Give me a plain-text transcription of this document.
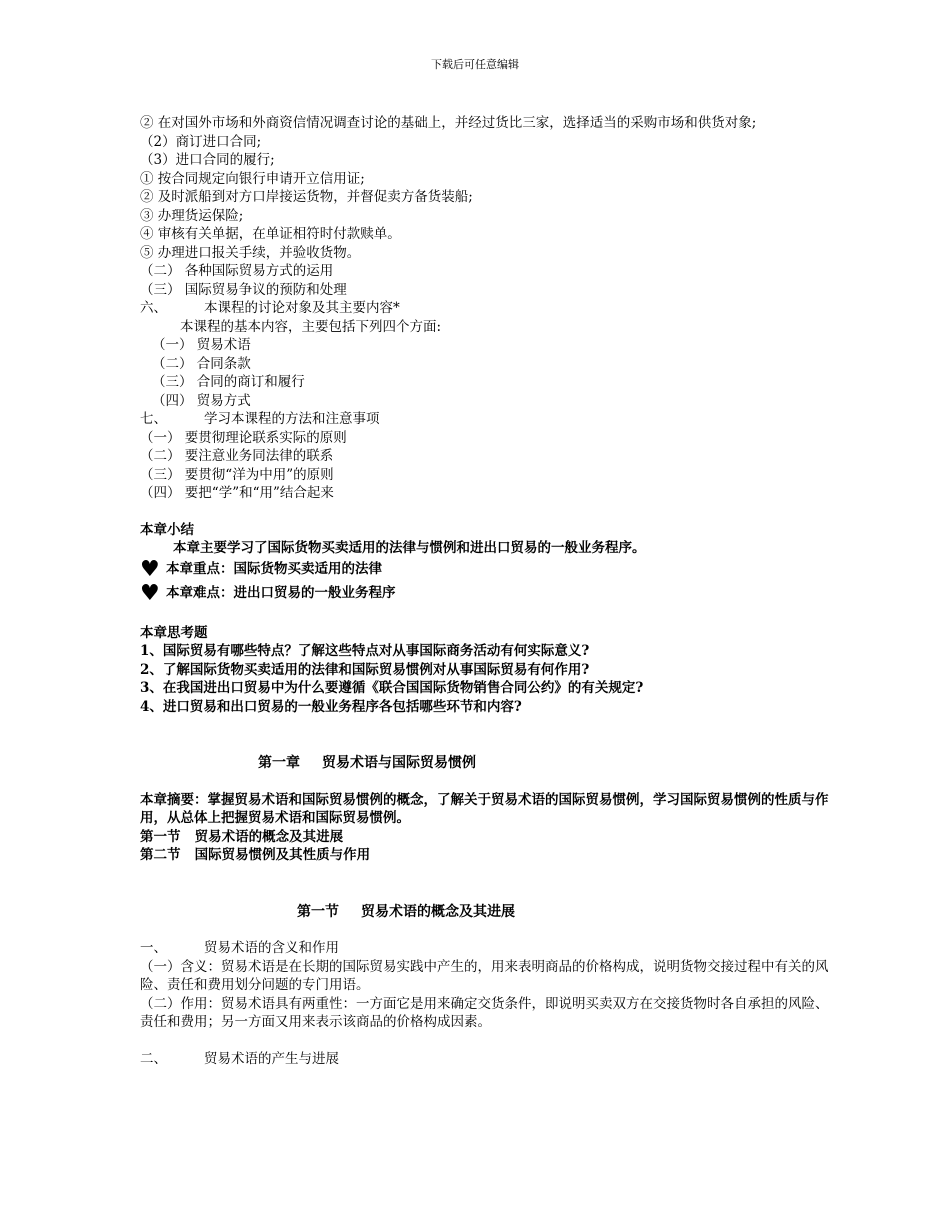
下载后可任意编辑

② 在对国外市场和外商资信情况调查讨论的基础上，并经过货比三家，选择适当的采购市场和供货对象;

（2）商订进口合同;

（3）进口合同的履行;

① 按合同规定向银行申请开立信用证;

② 及时派船到对方口岸接运货物，并督促卖方备货装船;

③ 办理货运保险;

④ 审核有关单据，在单证相符时付款赎单。

⑤ 办理进口报关手续，并验收货物。

（二） 各种国际贸易方式的运用

（三） 国际贸易争议的预防和处理

六、	本课程的讨论对象及其主要内容*

本课程的基本内容，主要包括下列四个方面:

（一） 贸易术语

（二） 合同条款

（三） 合同的商订和履行

（四） 贸易方式

七、	学习本课程的方法和注意事项

（一） 要贯彻理论联系实际的原则

（二） 要注意业务同法律的联系

（三） 要贯彻“洋为中用”的原则

（四） 要把“学”和“用”结合起来

本章小结

本章主要学习了国际货物买卖适用的法律与惯例和进出口贸易的一般业务程序。

♥ 本章重点：国际货物买卖适用的法律
♥ 本章难点：进出口贸易的一般业务程序

本章思考题

1、国际贸易有哪些特点？了解这些特点对从事国际商务活动有何实际意义?

2、了解国际货物买卖适用的法律和国际贸易惯例对从事国际贸易有何作用?

3、在我国进出口贸易中为什么要遵循《联合国国际货物销售合同公约》的有关规定?

4、进口贸易和出口贸易的一般业务程序各包括哪些环节和内容?

第一章 贸易术语与国际贸易惯例

本章摘要：掌握贸易术语和国际贸易惯例的概念，了解关于贸易术语的国际贸易惯例，学习国际贸易惯例的性质与作用，从总体上把握贸易术语和国际贸易惯例。

第一节 贸易术语的概念及其进展

第二节 国际贸易惯例及其性质与作用

第一节 贸易术语的概念及其进展

一、	贸易术语的含义和作用

（一）含义：贸易术语是在长期的国际贸易实践中产生的，用来表明商品的价格构成，说明货物交接过程中有关的风险、责任和费用划分问题的专门用语。

（二）作用：贸易术语具有两重性：一方面它是用来确定交货条件，即说明买卖双方在交接货物时各自承担的风险、责任和费用；另一方面又用来表示该商品的价格构成因素。

二、	贸易术语的产生与进展
